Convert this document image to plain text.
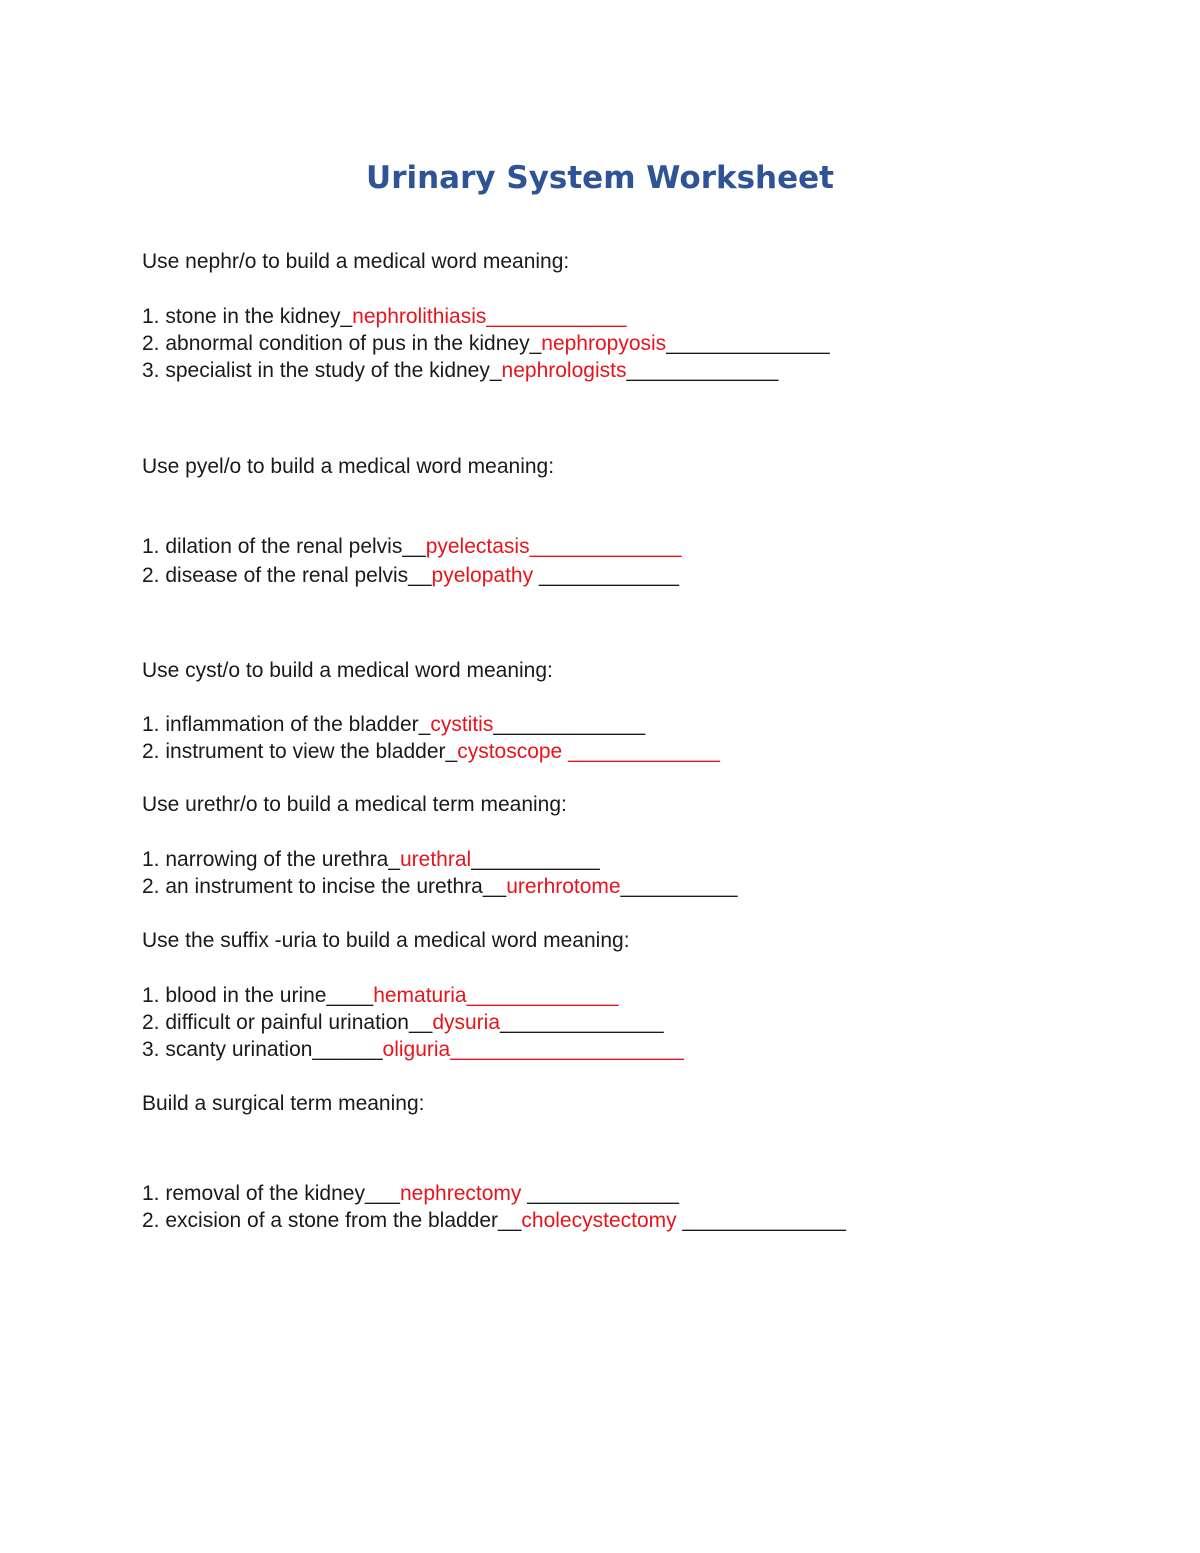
Urinary System Worksheet
Use nephr/o to build a medical word meaning:
1. stone in the kidney_nephrolithiasis____________
2. abnormal condition of pus in the kidney_nephropyosis______________
3. specialist in the study of the kidney_nephrologists_____________
Use pyel/o to build a medical word meaning:
1. dilation of the renal pelvis__pyelectasis_____________
2. disease of the renal pelvis__pyelopathy ____________
Use cyst/o to build a medical word meaning:
1. inflammation of the bladder_cystitis_____________
2. instrument to view the bladder_cystoscope _____________
Use urethr/o to build a medical term meaning:
1. narrowing of the urethra_urethral___________
2. an instrument to incise the urethra__urerhrotome__________
Use the suffix -uria to build a medical word meaning:
1. blood in the urine____hematuria_____________
2. difficult or painful urination__dysuria______________
3. scanty urination______oliguria____________________
Build a surgical term meaning:
1. removal of the kidney___nephrectomy _____________
2. excision of a stone from the bladder__cholecystectomy ______________
